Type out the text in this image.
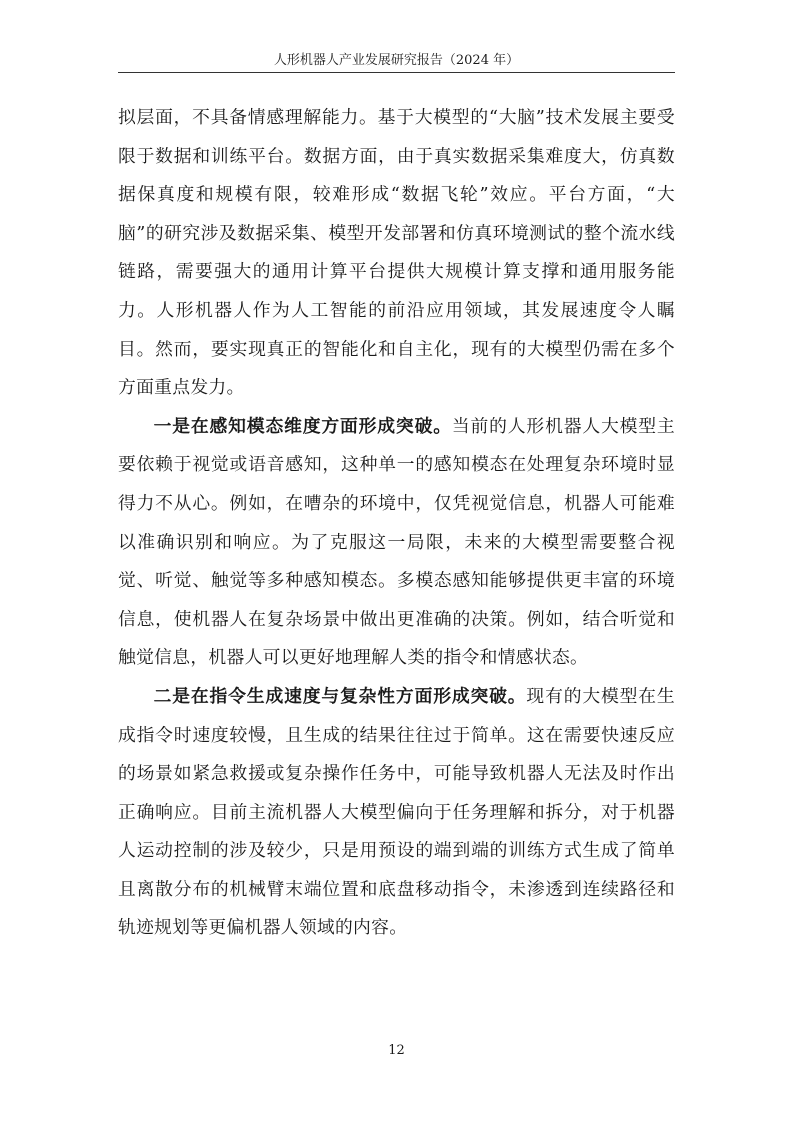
人形机器人产业发展研究报告（2024 年）

拟层面，不具备情感理解能力。基于大模型的“大脑”技术发展主要受限于数据和训练平台。数据方面，由于真实数据采集难度大，仿真数据保真度和规模有限，较难形成“数据飞轮”效应。平台方面，“大脑”的研究涉及数据采集、模型开发部署和仿真环境测试的整个流水线链路，需要强大的通用计算平台提供大规模计算支撑和通用服务能力。人形机器人作为人工智能的前沿应用领域，其发展速度令人瞩目。然而，要实现真正的智能化和自主化，现有的大模型仍需在多个方面重点发力。

一是在感知模态维度方面形成突破。当前的人形机器人大模型主要依赖于视觉或语音感知，这种单一的感知模态在处理复杂环境时显得力不从心。例如，在嘈杂的环境中，仅凭视觉信息，机器人可能难以准确识别和响应。为了克服这一局限，未来的大模型需要整合视觉、听觉、触觉等多种感知模态。多模态感知能够提供更丰富的环境信息，使机器人在复杂场景中做出更准确的决策。例如，结合听觉和触觉信息，机器人可以更好地理解人类的指令和情感状态。

二是在指令生成速度与复杂性方面形成突破。现有的大模型在生成指令时速度较慢，且生成的结果往往过于简单。这在需要快速反应的场景如紧急救援或复杂操作任务中，可能导致机器人无法及时作出正确响应。目前主流机器人大模型偏向于任务理解和拆分，对于机器人运动控制的涉及较少，只是用预设的端到端的训练方式生成了简单且离散分布的机械臂末端位置和底盘移动指令，未渗透到连续路径和轨迹规划等更偏机器人领域的内容。

12
